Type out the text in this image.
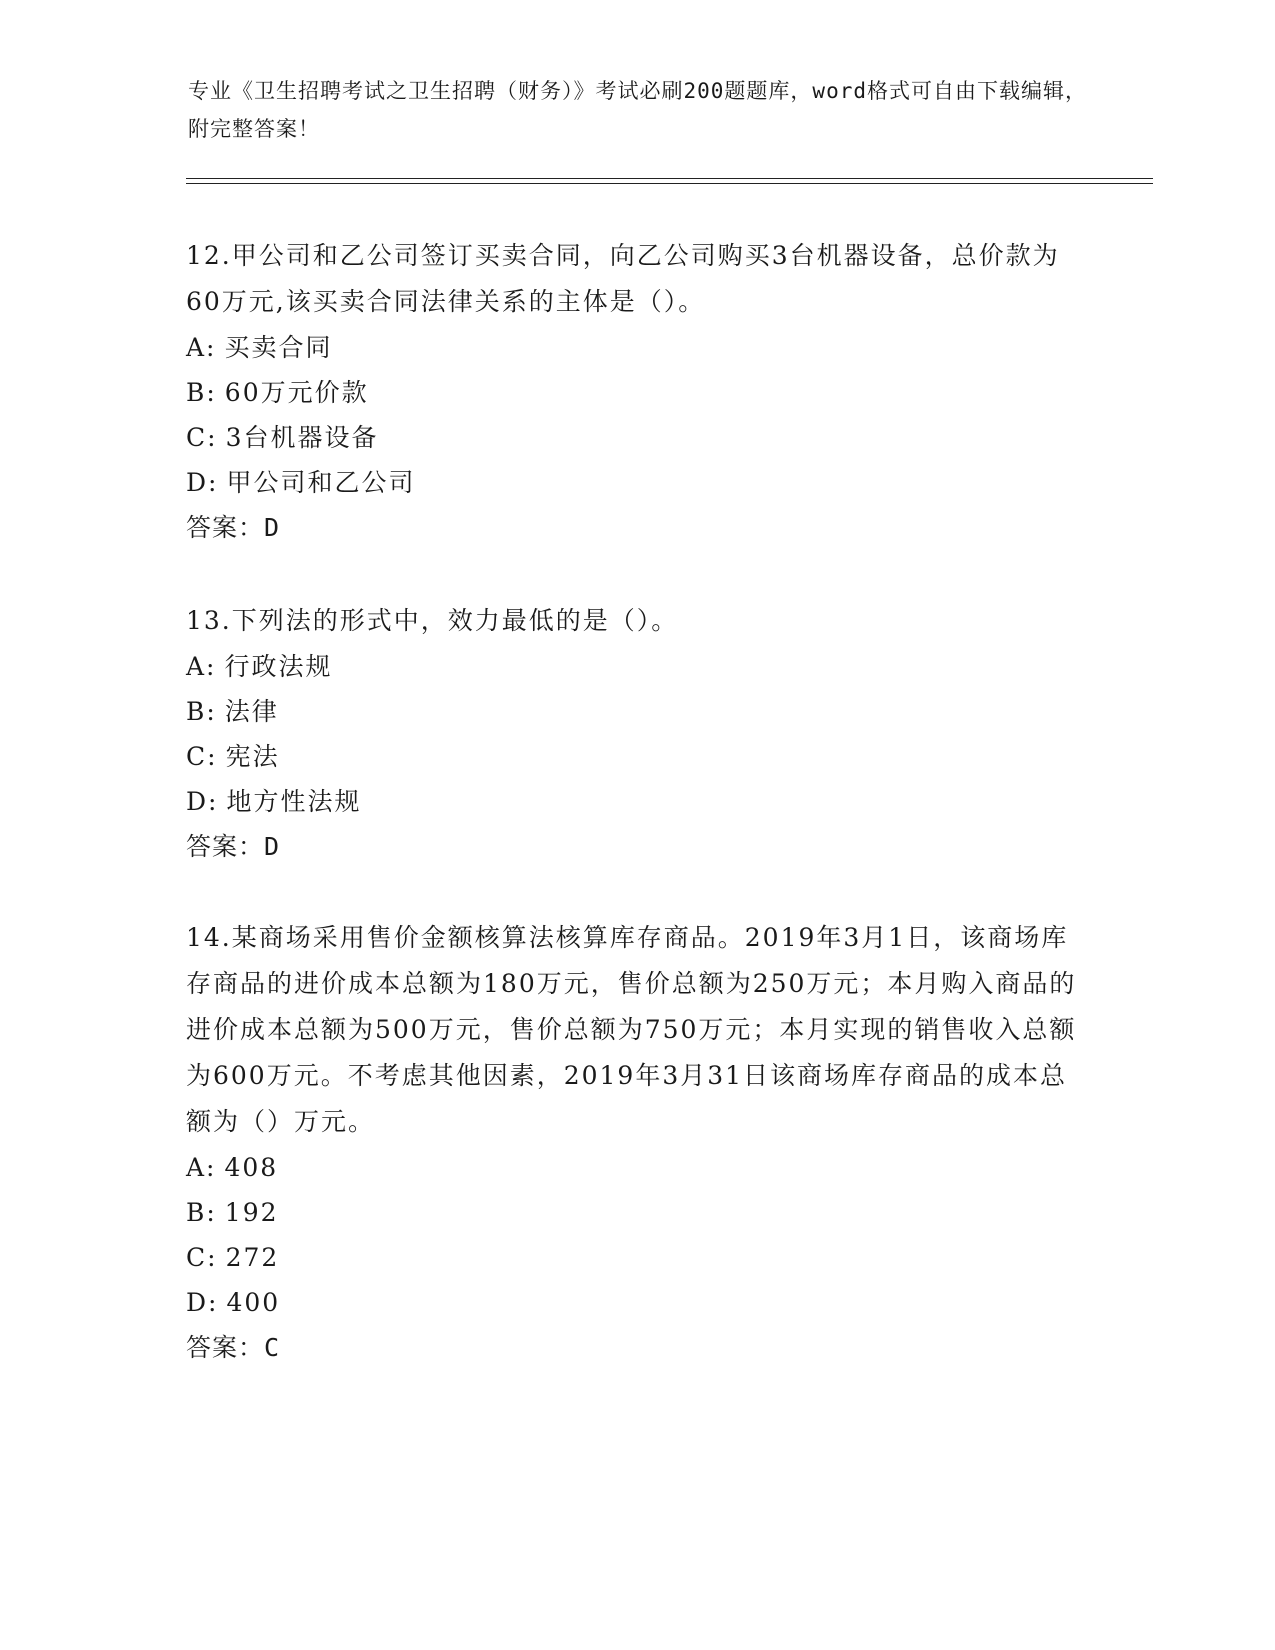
专业《卫生招聘考试之卫生招聘（财务）》考试必刷200题题库，word格式可自由下载编辑，附完整答案！

12.甲公司和乙公司签订买卖合同，向乙公司购买3台机器设备，总价款为60万元,该买卖合同法律关系的主体是（）。

A: 买卖合同

B: 60万元价款

C: 3台机器设备

D: 甲公司和乙公司

答案：D

13.下列法的形式中，效力最低的是（）。

A: 行政法规

B: 法律

C: 宪法

D: 地方性法规

答案：D

14.某商场采用售价金额核算法核算库存商品。2019年3月1日，该商场库存商品的进价成本总额为180万元，售价总额为250万元；本月购入商品的进价成本总额为500万元，售价总额为750万元；本月实现的销售收入总额为600万元。不考虑其他因素，2019年3月31日该商场库存商品的成本总额为（）万元。

A: 408

B: 192

C: 272

D: 400

答案：C
